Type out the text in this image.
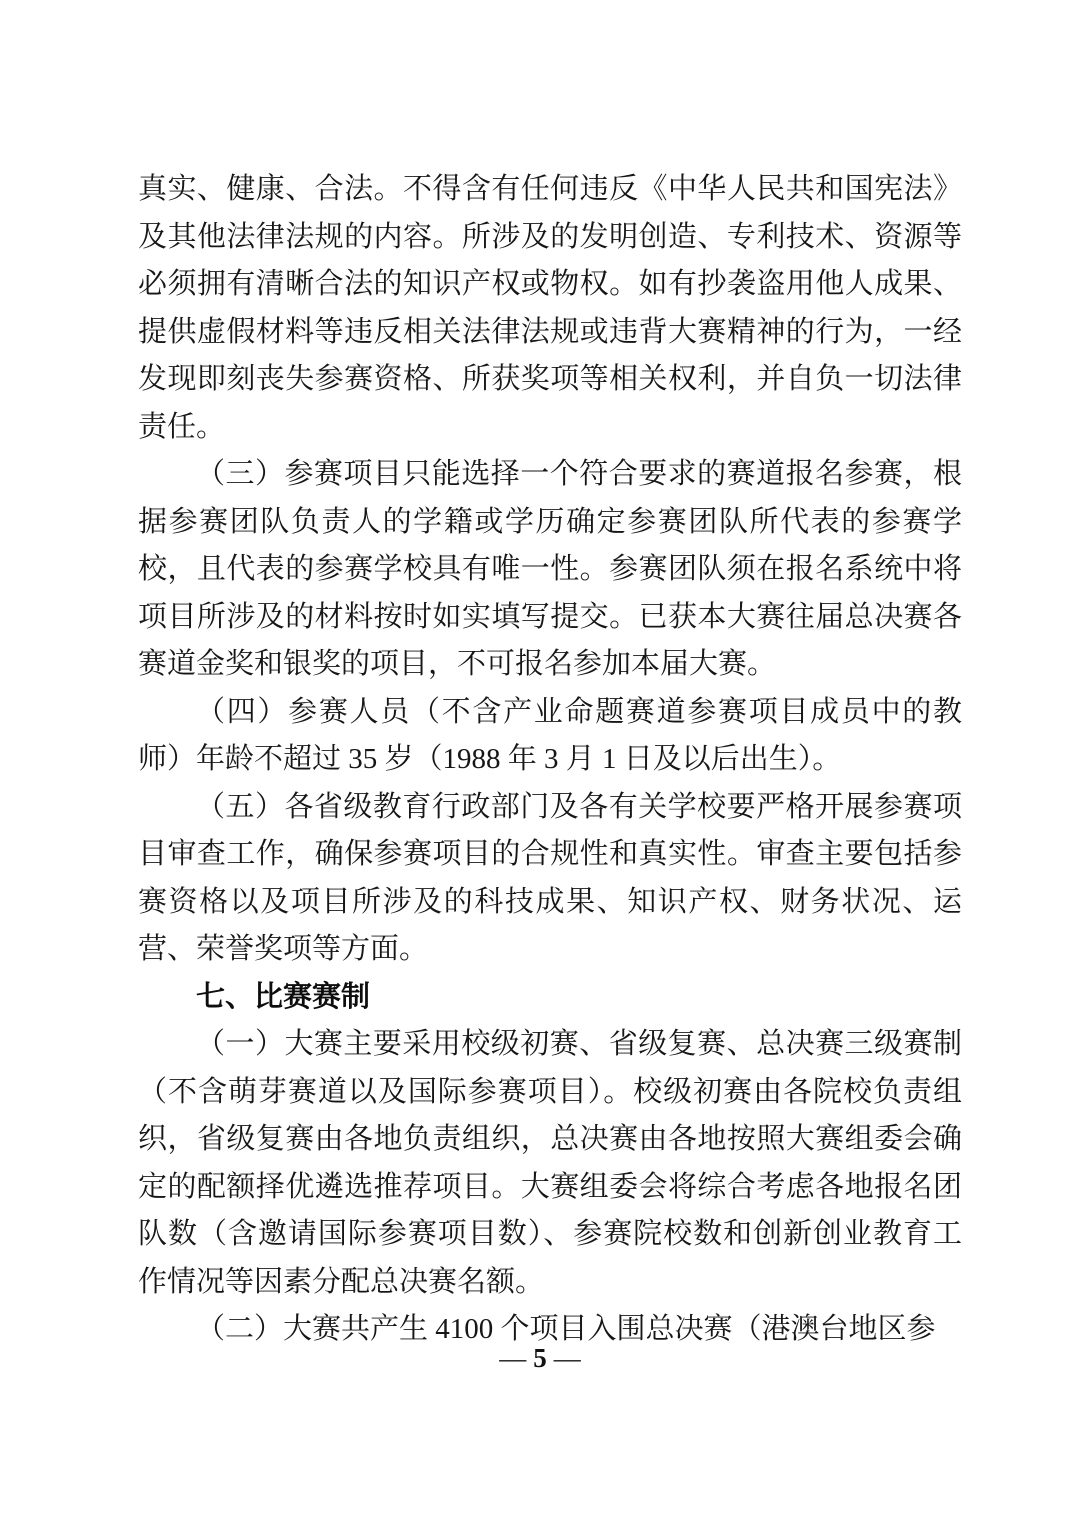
真实、健康、合法。不得含有任何违反《中华人民共和国宪法》及其他法律法规的内容。所涉及的发明创造、专利技术、资源等必须拥有清晰合法的知识产权或物权。如有抄袭盗用他人成果、提供虚假材料等违反相关法律法规或违背大赛精神的行为，一经发现即刻丧失参赛资格、所获奖项等相关权利，并自负一切法律责任。

（三）参赛项目只能选择一个符合要求的赛道报名参赛，根据参赛团队负责人的学籍或学历确定参赛团队所代表的参赛学校，且代表的参赛学校具有唯一性。参赛团队须在报名系统中将项目所涉及的材料按时如实填写提交。已获本大赛往届总决赛各赛道金奖和银奖的项目，不可报名参加本届大赛。

（四）参赛人员（不含产业命题赛道参赛项目成员中的教师）年龄不超过 35 岁（1988 年 3 月 1 日及以后出生）。

（五）各省级教育行政部门及各有关学校要严格开展参赛项目审查工作，确保参赛项目的合规性和真实性。审查主要包括参赛资格以及项目所涉及的科技成果、知识产权、财务状况、运营、荣誉奖项等方面。

七、比赛赛制

（一）大赛主要采用校级初赛、省级复赛、总决赛三级赛制（不含萌芽赛道以及国际参赛项目）。校级初赛由各院校负责组织，省级复赛由各地负责组织，总决赛由各地按照大赛组委会确定的配额择优遴选推荐项目。大赛组委会将综合考虑各地报名团队数（含邀请国际参赛项目数）、参赛院校数和创新创业教育工作情况等因素分配总决赛名额。

（二）大赛共产生 4100 个项目入围总决赛（港澳台地区参

— 5 —
